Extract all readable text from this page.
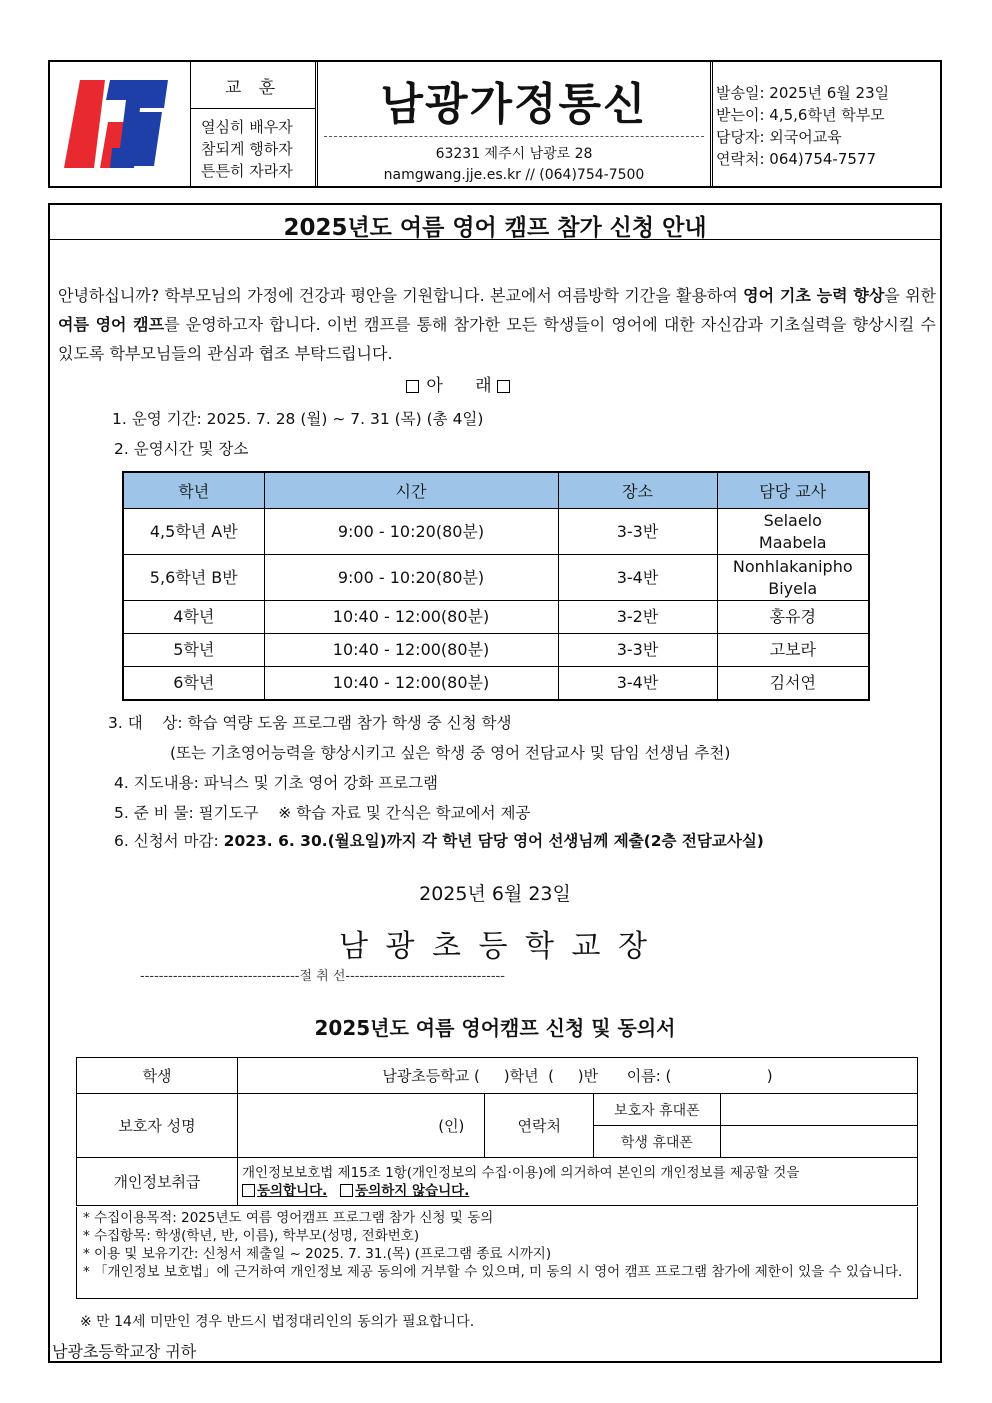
교 훈
열심히 배우자
참되게 행하자
튼튼히 자라자
남광가정통신
63231 제주시 남광로 28
namgwang.jje.es.kr // (064)754-7500
발송일: 2025년 6월 23일
받는이: 4,5,6학년 학부모
담당자: 외국어교육
연락처: 064)754-7577
2025년도 여름 영어 캠프 참가 신청 안내
안녕하십니까? 학부모님의 가정에 건강과 평안을 기원합니다. 본교에서 여름방학 기간을 활용하여 영어 기초 능력 향상을 위한 여름 영어 캠프를 운영하고자 합니다. 이번 캠프를 통해 참가한 모든 학생들이 영어에 대한 자신감과 기초실력을 향상시킬 수 있도록 학부모님들의 관심과 협조 부탁드립니다.
아      래
1. 운영 기간: 2025. 7. 28 (월) ∼ 7. 31 (목) (총 4일)
2. 운영시간 및 장소
학년	시간	장소	담당 교사
4,5학년 A반	9:00 - 10:20(80분)	3-3반	Selaelo Maabela
5,6학년 B반	9:00 - 10:20(80분)	3-4반	Nonhlakanipho Biyela
4학년	10:40 - 12:00(80분)	3-2반	홍유경
5학년	10:40 - 12:00(80분)	3-3반	고보라
6학년	10:40 - 12:00(80분)	3-4반	김서연
3. 대    상: 학습 역량 도움 프로그램 참가 학생 중 신청 학생
(또는 기초영어능력을 향상시키고 싶은 학생 중 영어 전담교사 및 담임 선생님 추천)
4. 지도내용: 파닉스 및 기초 영어 강화 프로그램
5. 준 비 물: 필기도구    ※ 학습 자료 및 간식은 학교에서 제공
6. 신청서 마감: 2023. 6. 30.(월요일)까지 각 학년 담당 영어 선생님께 제출(2층 전담교사실)
2025년 6월 23일
남 광 초 등 학 교 장
----------------------------------절 취 선----------------------------------
2025년도 여름 영어캠프 신청 및 동의서
학생	남광초등학교 (     )학년  (     )반      이름: (                    )			
보호자 성명	(인)	연락처	보호자 휴대폰	
			학생 휴대폰	
개인정보취급	개인정보보호법 제15조 1항(개인정보의 수집·이용)에 의거하여 본인의 개인정보를 제공할 것을
동의합니다. 동의하지 않습니다.			
* 수집이용목적: 2025년도 여름 영어캠프 프로그램 참가 신청 및 동의
* 수집항목: 학생(학년, 반, 이름), 학부모(성명, 전화번호)
* 이용 및 보유기간: 신청서 제출일 ~ 2025. 7. 31.(목) (프로그램 종료 시까지)
* 「개인정보 보호법」에 근거하여 개인정보 제공 동의에 거부할 수 있으며, 미 동의 시 영어 캠프 프로그램 참가에 제한이 있을 수 있습니다.
※ 만 14세 미만인 경우 반드시 법정대리인의 동의가 필요합니다.
남광초등학교장 귀하
